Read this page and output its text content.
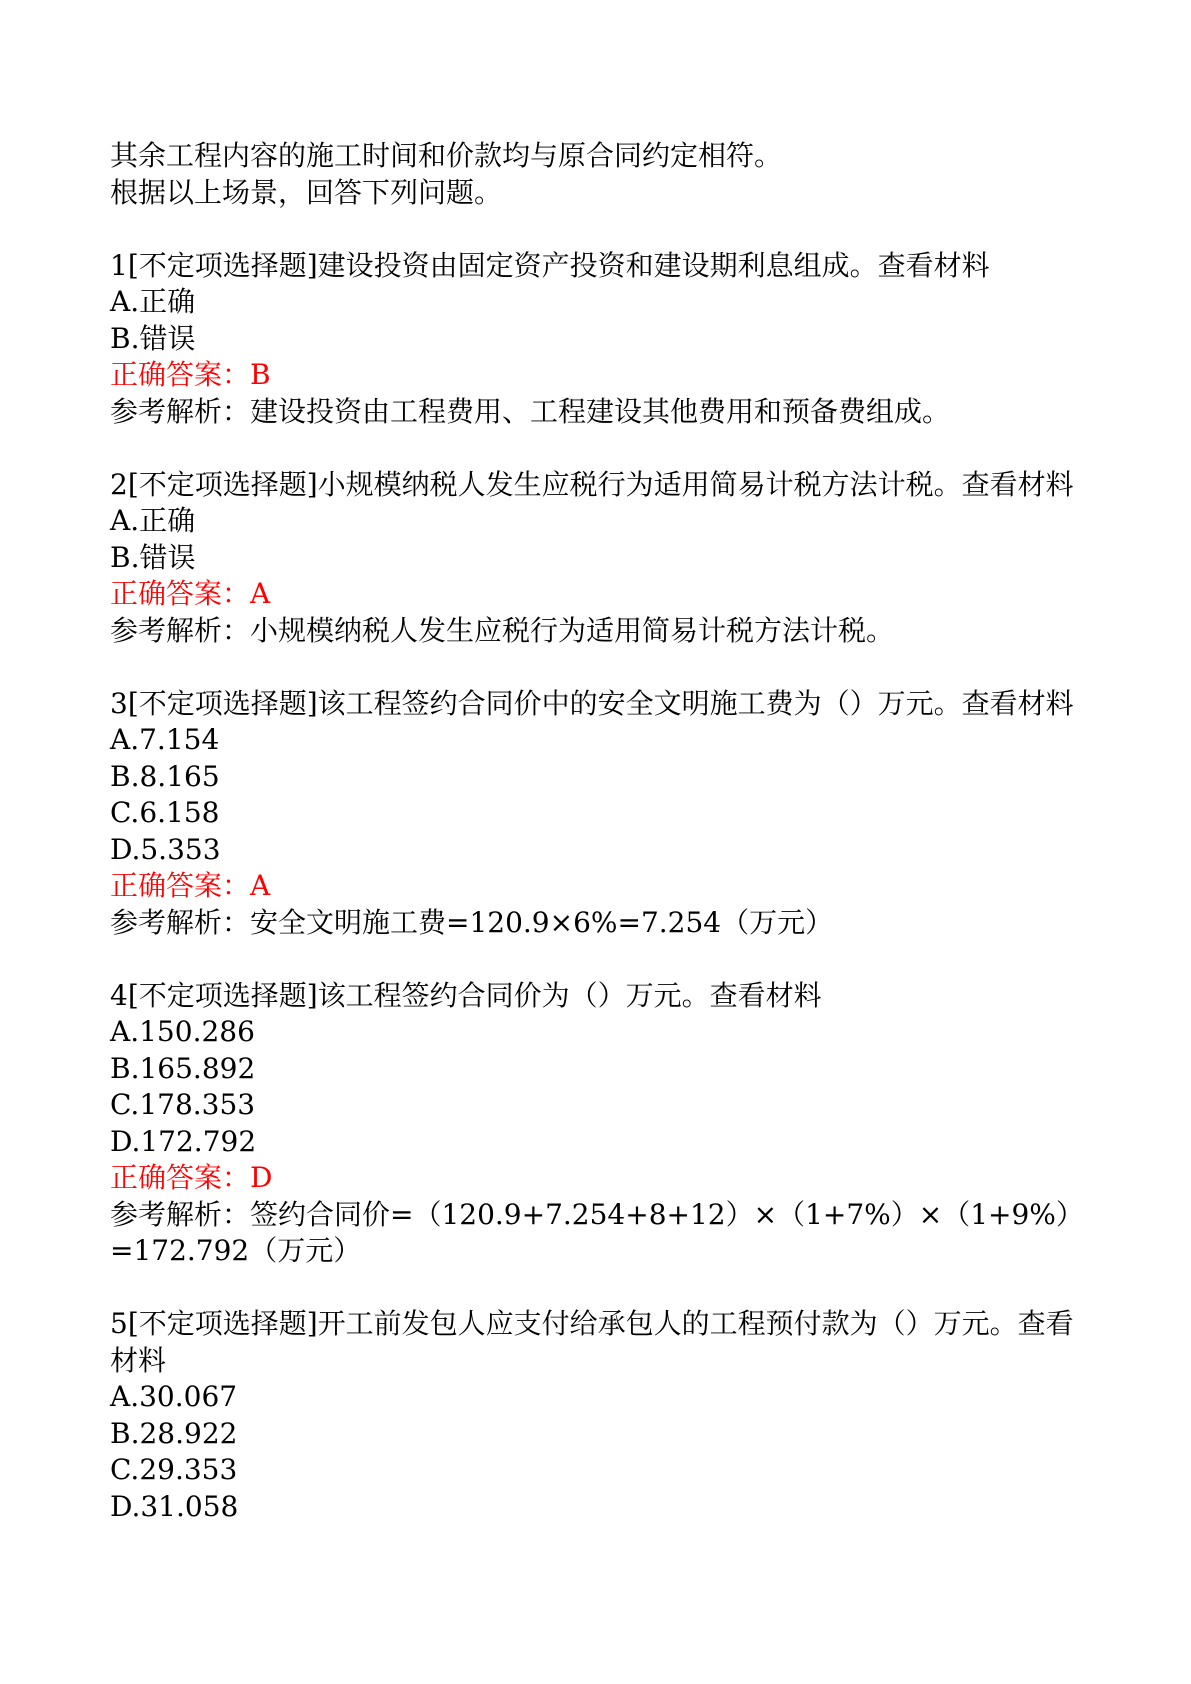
其余工程内容的施工时间和价款均与原合同约定相符。
根据以上场景，回答下列问题。
1[不定项选择题]建设投资由固定资产投资和建设期利息组成。查看材料
A.正确
B.错误
正确答案：B
参考解析：建设投资由工程费用、工程建设其他费用和预备费组成。
2[不定项选择题]小规模纳税人发生应税行为适用简易计税方法计税。查看材料
A.正确
B.错误
正确答案：A
参考解析：小规模纳税人发生应税行为适用简易计税方法计税。
3[不定项选择题]该工程签约合同价中的安全文明施工费为（）万元。查看材料
A.7.154
B.8.165
C.6.158
D.5.353
正确答案：A
参考解析：安全文明施工费=120.9×6%=7.254（万元）
4[不定项选择题]该工程签约合同价为（）万元。查看材料
A.150.286
B.165.892
C.178.353
D.172.792
正确答案：D
参考解析：签约合同价=（120.9+7.254+8+12）×（1+7%）×（1+9%）=172.792（万元）
5[不定项选择题]开工前发包人应支付给承包人的工程预付款为（）万元。查看材料
A.30.067
B.28.922
C.29.353
D.31.058
